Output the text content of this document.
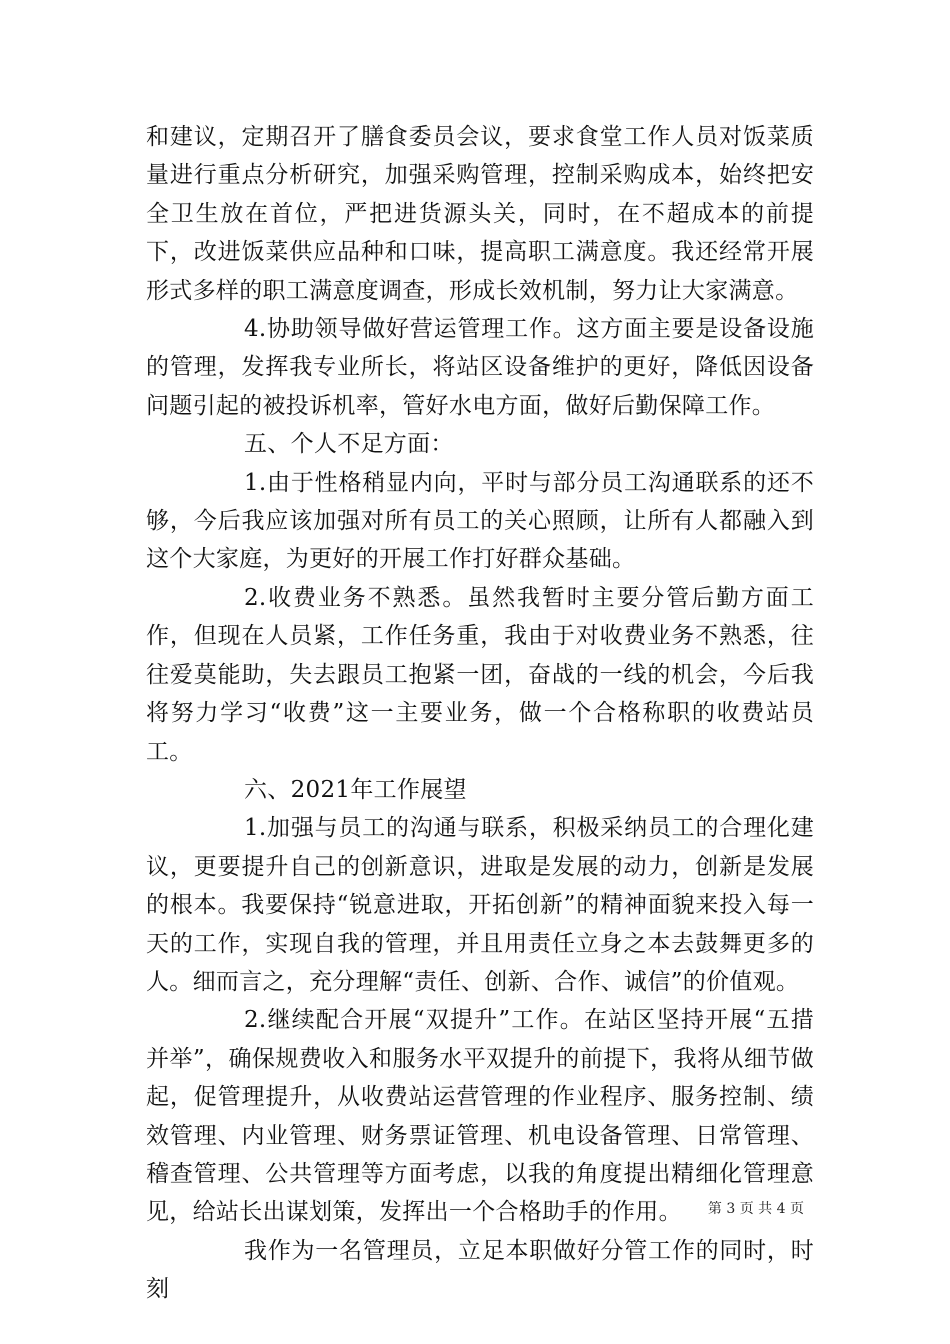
和建议，定期召开了膳食委员会议，要求食堂工作人员对饭菜质量进行重点分析研究，加强采购管理，控制采购成本，始终把安全卫生放在首位，严把进货源头关，同时，在不超成本的前提下，改进饭菜供应品种和口味，提高职工满意度。我还经常开展形式多样的职工满意度调查，形成长效机制，努力让大家满意。

4.协助领导做好营运管理工作。这方面主要是设备设施的管理，发挥我专业所长，将站区设备维护的更好，降低因设备问题引起的被投诉机率，管好水电方面，做好后勤保障工作。

五、个人不足方面：

1.由于性格稍显内向，平时与部分员工沟通联系的还不够，今后我应该加强对所有员工的关心照顾，让所有人都融入到这个大家庭，为更好的开展工作打好群众基础。

2.收费业务不熟悉。虽然我暂时主要分管后勤方面工作，但现在人员紧，工作任务重，我由于对收费业务不熟悉，往往爱莫能助，失去跟员工抱紧一团，奋战的一线的机会，今后我将努力学习“收费”这一主要业务，做一个合格称职的收费站员工。

六、2021年工作展望

1.加强与员工的沟通与联系，积极采纳员工的合理化建议，更要提升自己的创新意识，进取是发展的动力，创新是发展的根本。我要保持“锐意进取，开拓创新”的精神面貌来投入每一天的工作，实现自我的管理，并且用责任立身之本去鼓舞更多的人。细而言之，充分理解“责任、创新、合作、诚信”的价值观。

2.继续配合开展“双提升”工作。在站区坚持开展“五措并举”，确保规费收入和服务水平双提升的前提下，我将从细节做起，促管理提升，从收费站运营管理的作业程序、服务控制、绩效管理、内业管理、财务票证管理、机电设备管理、日常管理、稽查管理、公共管理等方面考虑，以我的角度提出精细化管理意见，给站长出谋划策，发挥出一个合格助手的作用。

我作为一名管理员，立足本职做好分管工作的同时，时刻

第 3 页 共 4 页
